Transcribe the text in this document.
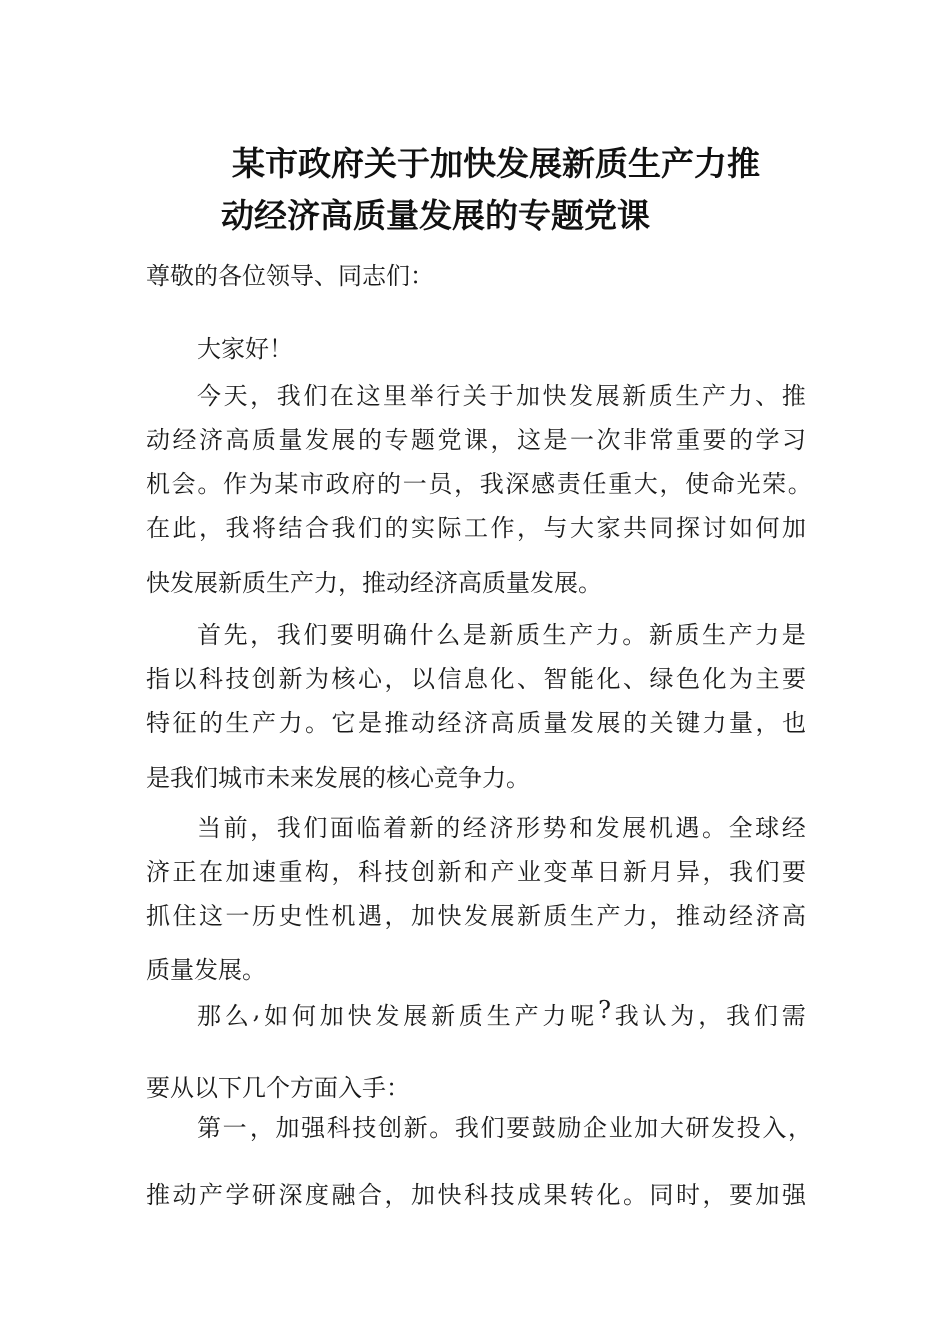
某市政府关于加快发展新质生产力推
动经济高质量发展的专题党课
尊敬的各位领导、同志们：
大家好！
今 天 ， 我 们 在 这 里 举 行 关 于 加 快 发 展 新 质 生 产 力 、 推
动 经 济 高 质 量 发 展 的 专 题 党 课 ， 这 是 一 次 非 常 重 要 的 学 习
机 会 。 作 为 某 市 政 府 的 一 员 ， 我 深 感 责 任 重 大 ， 使 命 光 荣 。
在 此 ， 我 将 结 合 我 们 的 实 际 工 作 ， 与 大 家 共 同 探 讨 如 何 加
快发展新质生产力，推动经济高质量发展。
首 先 ， 我 们 要 明 确 什 么 是 新 质 生 产 力 。 新 质 生 产 力 是
指 以 科 技 创 新 为 核 心 ， 以 信 息 化 、 智 能 化 、 绿 色 化 为 主 要
特 征 的 生 产 力 。 它 是 推 动 经 济 高 质 量 发 展 的 关 键 力 量 ， 也
是我们城市未来发展的核心竞争力。
当 前 ， 我 们 面 临 着 新 的 经 济 形 势 和 发 展 机 遇 。 全 球 经
济 正 在 加 速 重 构 ， 科 技 创 新 和 产 业 变 革 日 新 月 异 ， 我 们 要
抓 住 这 一 历 史 性 机 遇 ， 加 快 发 展 新 质 生 产 力 ， 推 动 经 济 高
质量发展。
那 么 , 如 何 加 快 发 展 新 质 生 产 力 呢 ? 我 认 为 ， 我 们 需
要从以下几个方面入手：
第 一 ， 加 强 科 技 创 新 。 我 们 要 鼓 励 企 业 加 大 研 发 投 入 ，
推 动 产 学 研 深 度 融 合 ， 加 快 科 技 成 果 转 化 。 同 时 ， 要 加 强
